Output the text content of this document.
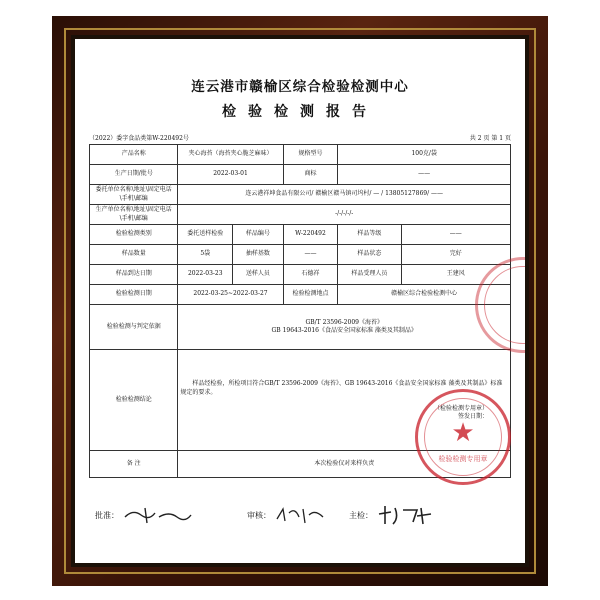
连云港市赣榆区综合检验检测中心
检验检测报告
（2022）委字食品类第W-220492号	共 2 页 第 1 页
产品名称	夹心海苔（海苔夹心脆芝麻味）		规格型号	100克/袋	
生产日期/批号	2022-03-01		商标	——	
委托单位名称\地址\固定电话\手机\邮编	连云港祥坤食品有限公司/ 赣榆区赣马镇司坞村/ — / 13805127869/ ——				
生产单位名称\地址\固定电话\手机\邮编	-/-/-/-/-				
检验检测类别	委托送样检验	样品编号	W-220492	样品等级	——
样品数量	5袋	抽样基数	——	样品状态	完好
样品到达日期	2022-03-23	送样人员	石德祥	样品受理人员	王建风
检验检测日期	2022-03-25~2022-03-27		检验检测地点	赣榆区综合检验检测中心	
检验检测与判定依据	GB/T 23596-2009《海苔》
GB 19643-2016《食品安全国家标准 藻类及其制品》				

检验检测结论	样品经检验，所检项目符合GB/T 23596-2009《海苔》、GB 19643-2016《食品安全国家标准 藻类及其制品》标准规定的要求。
（检验检测专用章）
签发日期：				

备 注	本次检验仅对来样负责				
批准：	审核：	主检：
★
检验检测专用章
